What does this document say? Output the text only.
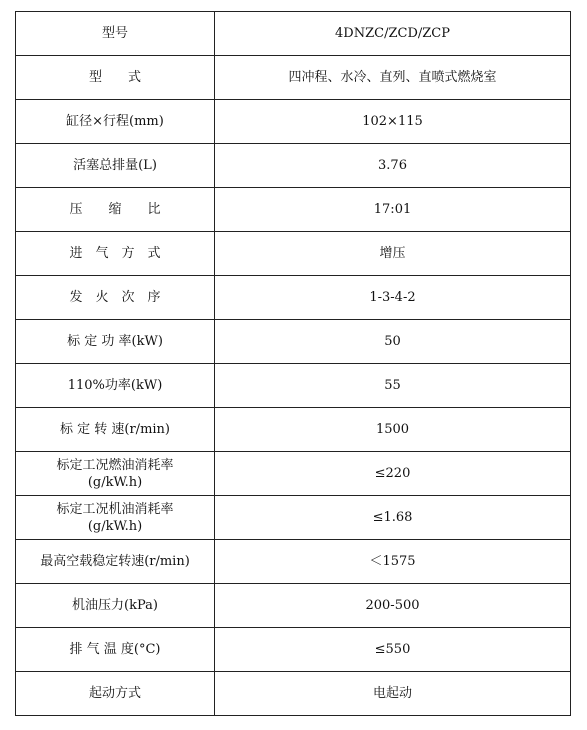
型号	4DNZC/ZCD/ZCP
型　　式	四冲程、水冷、直列、直喷式燃烧室
缸径×行程(mm)	102×115
活塞总排量(L)	3.76
压　　缩　　比	17:01
进　气　方　式	增压
发　火　次　序	1-3-4-2
标 定 功 率(kW)	50
110%功率(kW)	55
标 定 转 速(r/min)	1500
标定工况燃油消耗率
(g/kW.h)	≤220
标定工况机油消耗率
(g/kW.h)	≤1.68
最高空载稳定转速(r/min)	＜1575
机油压力(kPa)	200-500
排 气 温 度(°C)	≤550
起动方式	电起动
